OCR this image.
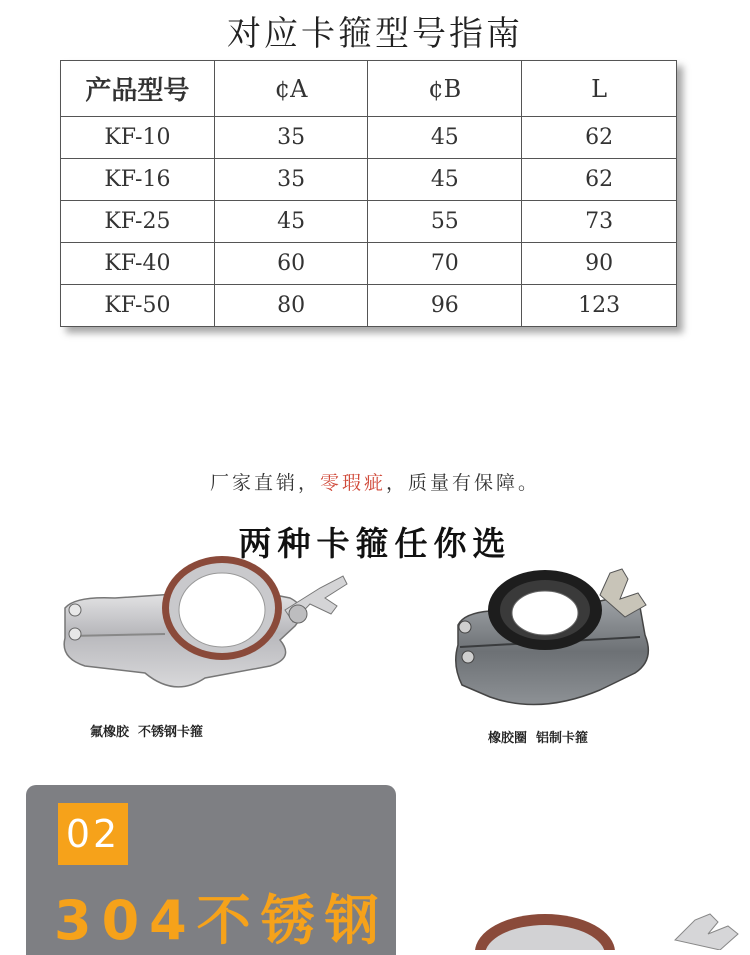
对应卡箍型号指南
产品型号	¢A	¢B	L
KF-10	35	45	62
KF-16	35	45	62
KF-25	45	55	73
KF-40	60	70	90
KF-50	80	96	123
厂家直销，零瑕疵，质量有保障。
两种卡箍任你选
氟橡胶  不锈钢卡箍	橡胶圈  铝制卡箍
02
304不锈钢
